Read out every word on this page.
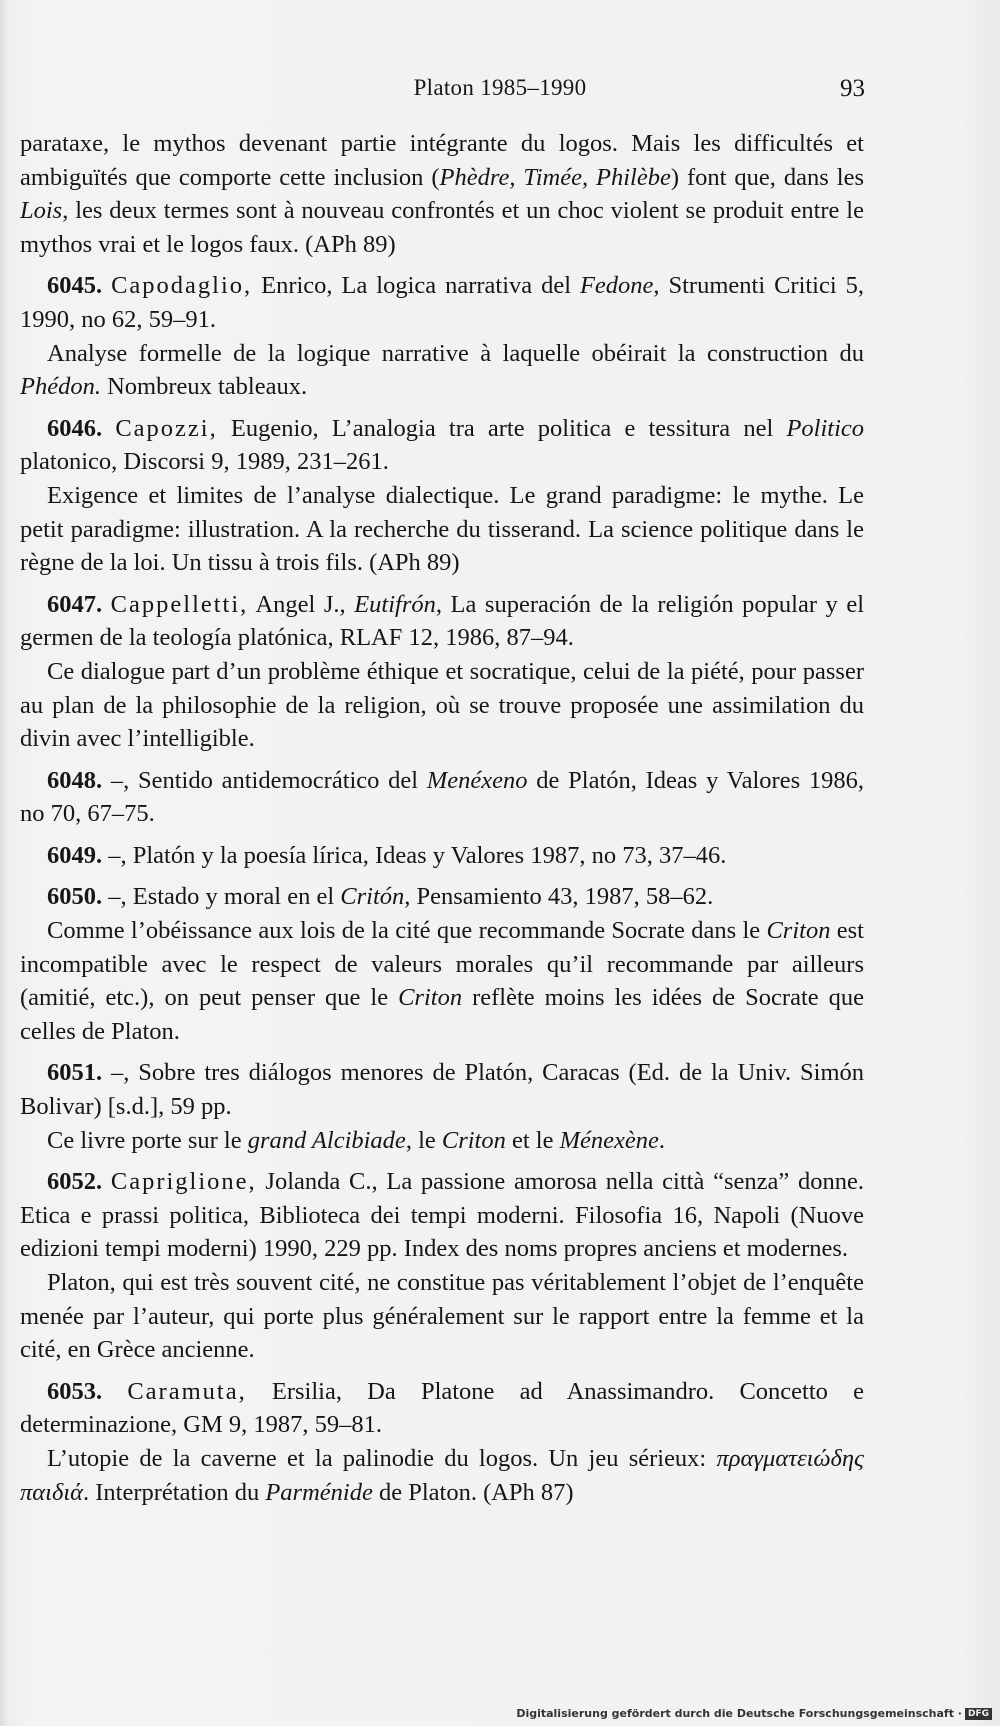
Platon 1985–1990	93

parataxe, le mythos devenant partie intégrante du logos. Mais les difficultés et ambiguïtés que comporte cette inclusion (Phèdre, Timée, Philèbe) font que, dans les Lois, les deux termes sont à nouveau confrontés et un choc violent se produit entre le mythos vrai et le logos faux. (APh 89)

6045. Capodaglio, Enrico, La logica narrativa del Fedone, Strumenti Critici 5, 1990, no 62, 59–91.

Analyse formelle de la logique narrative à laquelle obéirait la construction du Phédon. Nombreux tableaux.

6046. Capozzi, Eugenio, L’analogia tra arte politica e tessitura nel Politico platonico, Discorsi 9, 1989, 231–261.

Exigence et limites de l’analyse dialectique. Le grand paradigme: le mythe. Le petit paradigme: illustration. A la recherche du tisserand. La science politique dans le règne de la loi. Un tissu à trois fils. (APh 89)

6047. Cappelletti, Angel J., Eutifrón, La superación de la religión popular y el germen de la teología platónica, RLAF 12, 1986, 87–94.

Ce dialogue part d’un problème éthique et socratique, celui de la piété, pour passer au plan de la philosophie de la religion, où se trouve proposée une assimilation du divin avec l’intelligible.

6048. –, Sentido antidemocrático del Menéxeno de Platón, Ideas y Valores 1986, no 70, 67–75.

6049. –, Platón y la poesía lírica, Ideas y Valores 1987, no 73, 37–46.

6050. –, Estado y moral en el Critón, Pensamiento 43, 1987, 58–62.

Comme l’obéissance aux lois de la cité que recommande Socrate dans le Criton est incompatible avec le respect de valeurs morales qu’il recommande par ailleurs (amitié, etc.), on peut penser que le Criton reflète moins les idées de Socrate que celles de Platon.

6051. –, Sobre tres diálogos menores de Platón, Caracas (Ed. de la Univ. Simón Bolivar) [s.d.], 59 pp.

Ce livre porte sur le grand Alcibiade, le Criton et le Ménexène.

6052. Capriglione, Jolanda C., La passione amorosa nella città “senza” donne. Etica e prassi politica, Biblioteca dei tempi moderni. Filosofia 16, Napoli (Nuove edizioni tempi moderni) 1990, 229 pp. Index des noms propres anciens et modernes.

Platon, qui est très souvent cité, ne constitue pas véritablement l’objet de l’enquête menée par l’auteur, qui porte plus généralement sur le rapport entre la femme et la cité, en Grèce ancienne.

6053. Caramuta, Ersilia, Da Platone ad Anassimandro. Concetto e determinazione, GM 9, 1987, 59–81.

L’utopie de la caverne et la palinodie du logos. Un jeu sérieux: πραγματειώδης παιδιά. Interprétation du Parménide de Platon. (APh 87)

Digitalisierung gefördert durch die Deutsche Forschungsgemeinschaft · DFG
